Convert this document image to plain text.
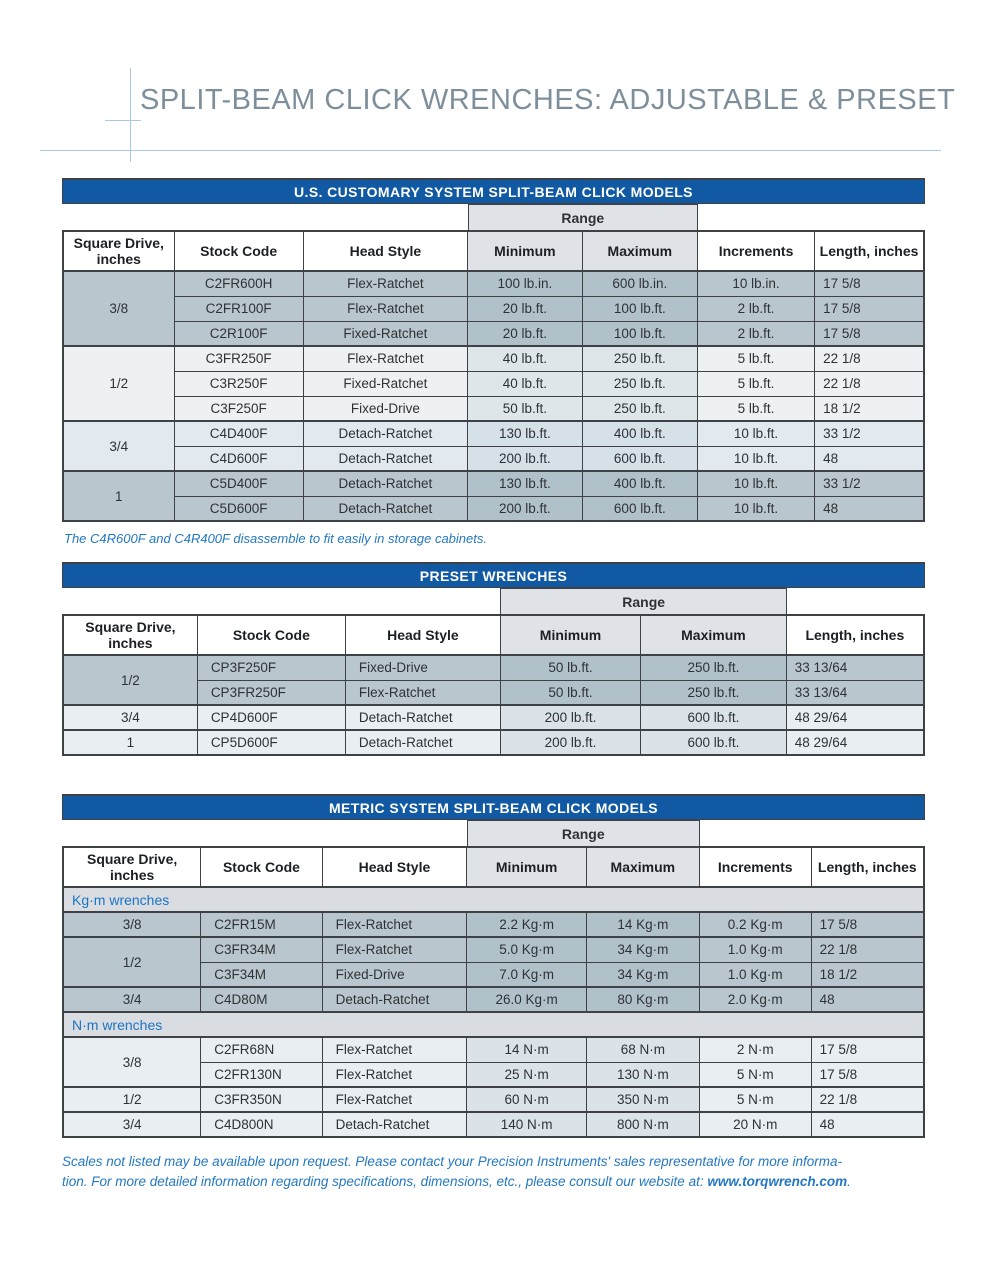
SPLIT-BEAM CLICK WRENCHES: ADJUSTABLE & PRESET
U.S. CUSTOMARY SYSTEM SPLIT-BEAM CLICK MODELS
Range
Square Drive, inches	Stock Code	Head Style	Minimum	Maximum	Increments	Length, inches
3/8	C2FR600H	Flex-Ratchet	100 lb.in.	600 lb.in.	10 lb.in.	17 5/8
	C2FR100F	Flex-Ratchet	20 lb.ft.	100 lb.ft.	2 lb.ft.	17 5/8
	C2R100F	Fixed-Ratchet	20 lb.ft.	100 lb.ft.	2 lb.ft.	17 5/8
1/2	C3FR250F	Flex-Ratchet	40 lb.ft.	250 lb.ft.	5 lb.ft.	22 1/8
	C3R250F	Fixed-Ratchet	40 lb.ft.	250 lb.ft.	5 lb.ft.	22 1/8
	C3F250F	Fixed-Drive	50 lb.ft.	250 lb.ft.	5 lb.ft.	18 1/2
3/4	C4D400F	Detach-Ratchet	130 lb.ft.	400 lb.ft.	10 lb.ft.	33 1/2
	C4D600F	Detach-Ratchet	200 lb.ft.	600 lb.ft.	10 lb.ft.	48
1	C5D400F	Detach-Ratchet	130 lb.ft.	400 lb.ft.	10 lb.ft.	33 1/2
	C5D600F	Detach-Ratchet	200 lb.ft.	600 lb.ft.	10 lb.ft.	48

The C4R600F and C4R400F disassemble to fit easily in storage cabinets.

PRESET WRENCHES
Range
Square Drive, inches	Stock Code	Head Style	Minimum	Maximum	Length, inches
1/2	CP3F250F	Fixed-Drive	50 lb.ft.	250 lb.ft.	33 13/64
	CP3FR250F	Flex-Ratchet	50 lb.ft.	250 lb.ft.	33 13/64
3/4	CP4D600F	Detach-Ratchet	200 lb.ft.	600 lb.ft.	48 29/64
1	CP5D600F	Detach-Ratchet	200 lb.ft.	600 lb.ft.	48 29/64
METRIC SYSTEM SPLIT-BEAM CLICK MODELS
Range
Square Drive, inches	Stock Code	Head Style	Minimum	Maximum	Increments	Length, inches
Kg·m wrenches						
3/8	C2FR15M	Flex-Ratchet	2.2 Kg·m	14 Kg·m	0.2 Kg·m	17 5/8
1/2	C3FR34M	Flex-Ratchet	5.0 Kg·m	34 Kg·m	1.0 Kg·m	22 1/8
	C3F34M	Fixed-Drive	7.0 Kg·m	34 Kg·m	1.0 Kg·m	18 1/2
3/4	C4D80M	Detach-Ratchet	26.0 Kg·m	80 Kg·m	2.0 Kg·m	48
N·m wrenches						
3/8	C2FR68N	Flex-Ratchet	14 N·m	68 N·m	2 N·m	17 5/8
	C2FR130N	Flex-Ratchet	25 N·m	130 N·m	5 N·m	17 5/8
1/2	C3FR350N	Flex-Ratchet	60 N·m	350 N·m	5 N·m	22 1/8
3/4	C4D800N	Detach-Ratchet	140 N·m	800 N·m	20 N·m	48

Scales not listed may be available upon request. Please contact your Precision Instruments' sales representative for more informa-
tion. For more detailed information regarding specifications, dimensions, etc., please consult our website at: www.torqwrench.com.
